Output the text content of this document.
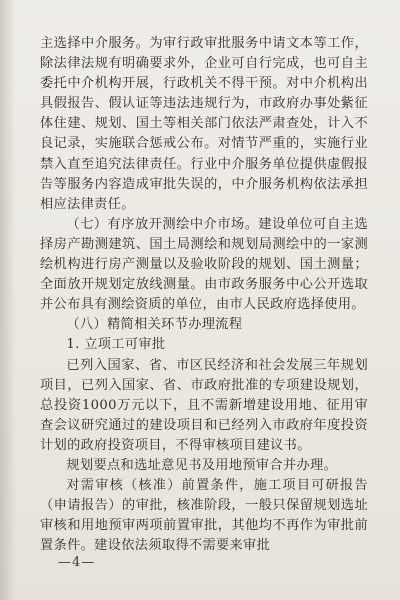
主选择中介服务。为审行政审批服务中请文本等工作，除法律法规有明确要求外，企业可自行完成，也可自主委托中介机构开展，行政机关不得干预。对中介机构出具假报告、假认证等违法违规行为，市政府办事处紫征体住建、规划、国土等相关部门依法严肃查处，计入不良记录，实施联合惩戒公布。对情节严重的，实施行业禁入直至追究法律责任。行业中介服务单位提供虚假报告等服务内容造成审批失误的，中介服务机构依法承担相应法律责任。

（七）有序放开测绘中介市场。建设单位可自主选择房产勘测建筑、国土局测绘和规划局测绘中的一家测绘机构进行房产测量以及验收阶段的规划、国土测量；全面放开规划定放线测量。由市政务服务中心公开选取并公布具有测绘资质的单位，由市人民政府选择使用。

（八）精简相关环节办理流程

1. 立项工可审批

已列入国家、省、市区民经济和社会发展三年规划项目，已列入国家、省、市政府批准的专项建设规划，总投资1000万元以下，且不需新增建设用地、征用审查会议研究通过的建设项目和已经列入市政府年度投资计划的政府投资项目，不得审核项目建议书。

规划要点和选址意见书及用地预审合并办理。

对需审核（核准）前置条件，施工项目可研报告（申请报告）的审批，核准阶段，一般只保留规划选址审核和用地预审两项前置审批，其他均不再作为审批前置条件。建设依法须取得不需要来审批

—4—
